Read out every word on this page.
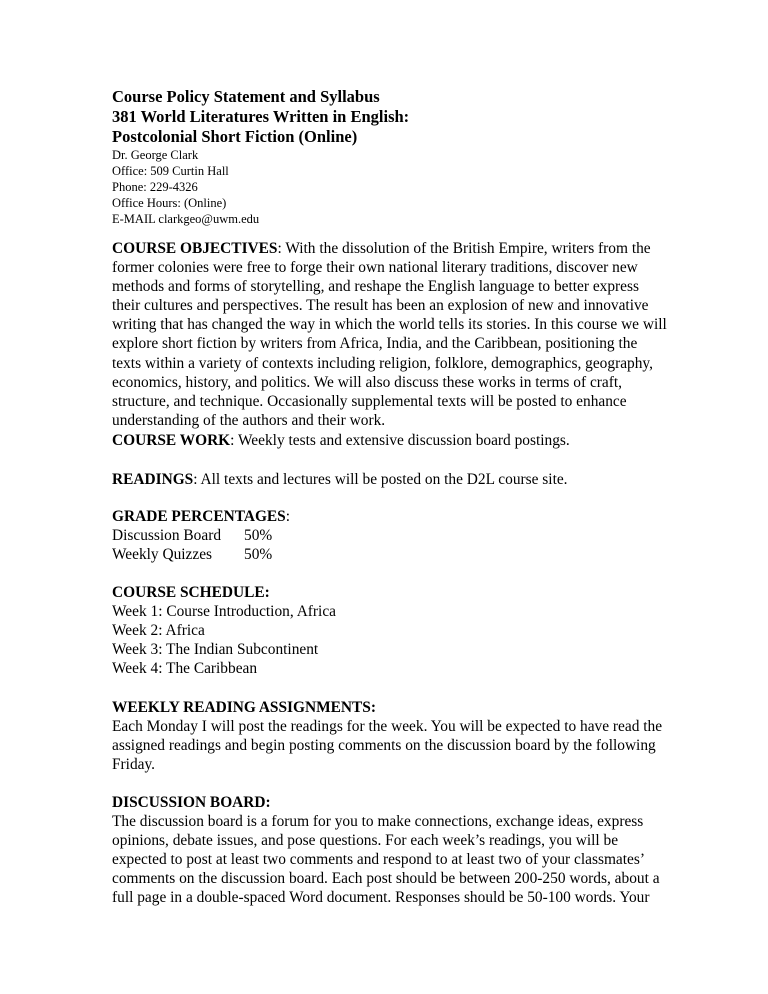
Course Policy Statement and Syllabus
381 World Literatures Written in English:
Postcolonial Short Fiction (Online)
Dr. George Clark
Office: 509 Curtin Hall
Phone: 229-4326
Office Hours: (Online)
E-MAIL clarkgeo@uwm.edu
COURSE OBJECTIVES: With the dissolution of the British Empire, writers from the former colonies were free to forge their own national literary traditions, discover new methods and forms of storytelling, and reshape the English language to better express their cultures and perspectives. The result has been an explosion of new and innovative writing that has changed the way in which the world tells its stories. In this course we will explore short fiction by writers from Africa, India, and the Caribbean, positioning the texts within a variety of contexts including religion, folklore, demographics, geography, economics, history, and politics. We will also discuss these works in terms of craft, structure, and technique. Occasionally supplemental texts will be posted to enhance understanding of the authors and their work.
COURSE WORK: Weekly tests and extensive discussion board postings.
READINGS: All texts and lectures will be posted on the D2L course site.
GRADE PERCENTAGES:
Discussion Board	50%
Weekly Quizzes	50%
COURSE SCHEDULE:
Week 1: Course Introduction, Africa
Week 2: Africa
Week 3: The Indian Subcontinent
Week 4: The Caribbean
WEEKLY READING ASSIGNMENTS:
Each Monday I will post the readings for the week. You will be expected to have read the assigned readings and begin posting comments on the discussion board by the following Friday.
DISCUSSION BOARD:
The discussion board is a forum for you to make connections, exchange ideas, express opinions, debate issues, and pose questions. For each week’s readings, you will be expected to post at least two comments and respond to at least two of your classmates’ comments on the discussion board. Each post should be between 200-250 words, about a full page in a double-spaced Word document. Responses should be 50-100 words. Your
